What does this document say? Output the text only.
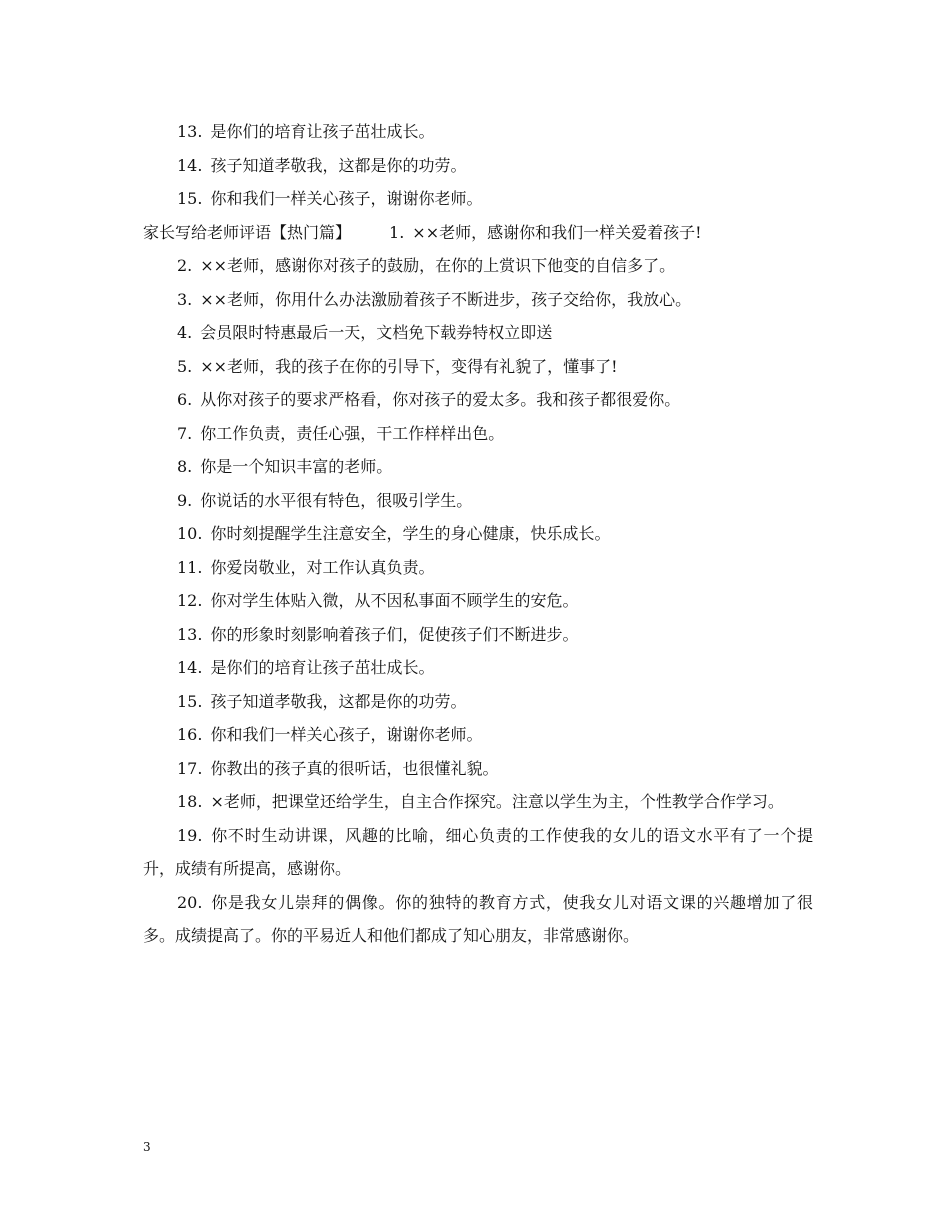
13. 是你们的培育让孩子茁壮成长。

14. 孩子知道孝敬我，这都是你的功劳。

15. 你和我们一样关心孩子，谢谢你老师。

家长写给老师评语【热门篇】 1. ××老师，感谢你和我们一样关爱着孩子!

2. ××老师，感谢你对孩子的鼓励，在你的上赏识下他变的自信多了。

3. ××老师，你用什么办法激励着孩子不断进步，孩子交给你，我放心。

4. 会员限时特惠最后一天，文档免下载券特权立即送

5. ××老师，我的孩子在你的引导下，变得有礼貌了，懂事了!

6. 从你对孩子的要求严格看，你对孩子的爱太多。我和孩子都很爱你。

7. 你工作负责，责任心强，干工作样样出色。

8. 你是一个知识丰富的老师。

9. 你说话的水平很有特色，很吸引学生。

10. 你时刻提醒学生注意安全，学生的身心健康，快乐成长。

11. 你爱岗敬业，对工作认真负责。

12. 你对学生体贴入微，从不因私事面不顾学生的安危。

13. 你的形象时刻影响着孩子们，促使孩子们不断进步。

14. 是你们的培育让孩子茁壮成长。

15. 孩子知道孝敬我，这都是你的功劳。

16. 你和我们一样关心孩子，谢谢你老师。

17. 你教出的孩子真的很听话，也很懂礼貌。

18. ×老师，把课堂还给学生，自主合作探究。注意以学生为主，个性教学合作学习。

19. 你不时生动讲课，风趣的比喻，细心负责的工作使我的女儿的语文水平有了一个提升，成绩有所提高，感谢你。

20. 你是我女儿崇拜的偶像。你的独特的教育方式，使我女儿对语文课的兴趣增加了很多。成绩提高了。你的平易近人和他们都成了知心朋友，非常感谢你。

3
